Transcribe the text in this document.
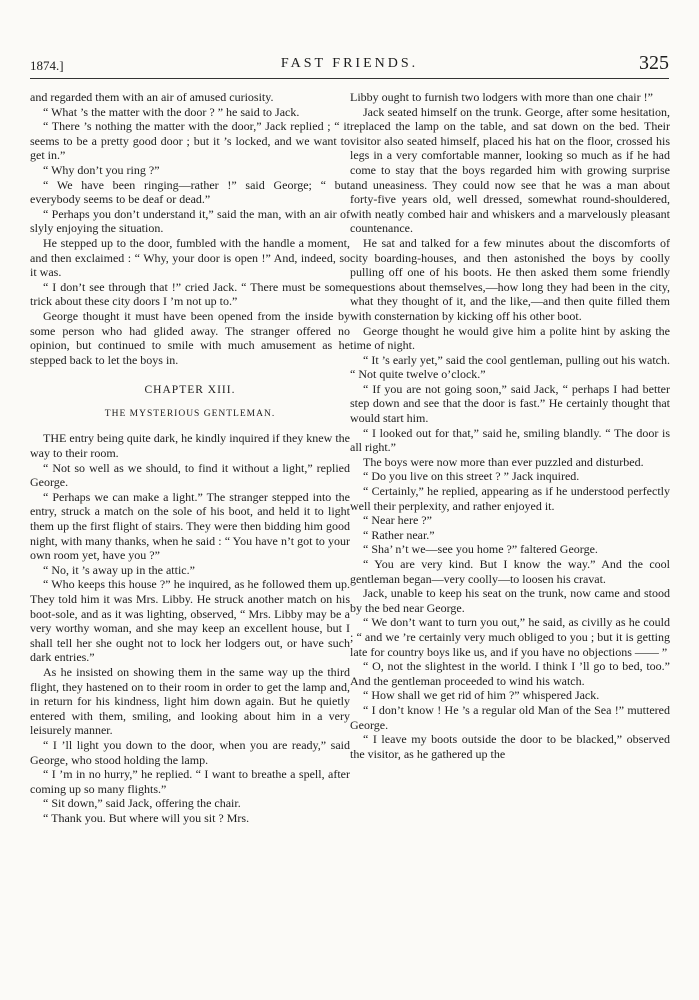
1874.]	FAST FRIENDS.	325

and regarded them with an air of amused curiosity.

“ What ’s the matter with the door ? ” he said to Jack.

“ There ’s nothing the matter with the door,” Jack replied ; “ it seems to be a pretty good door ; but it ’s locked, and we want to get in.”

“ Why don’t you ring ?”

“ We have been ringing—rather !” said George; “ but everybody seems to be deaf or dead.”

“ Perhaps you don’t understand it,” said the man, with an air of slyly enjoying the situation.

He stepped up to the door, fumbled with the handle a moment, and then exclaimed : “ Why, your door is open !” And, indeed, so it was.

“ I don’t see through that !” cried Jack. “ There must be some trick about these city doors I ’m not up to.”

George thought it must have been opened from the inside by some person who had glided away. The stranger offered no opinion, but continued to smile with much amusement as he stepped back to let the boys in.

CHAPTER XIII.

THE MYSTERIOUS GENTLEMAN.

THE entry being quite dark, he kindly inquired if they knew the way to their room.

“ Not so well as we should, to find it without a light,” replied George.

“ Perhaps we can make a light.” The stranger stepped into the entry, struck a match on the sole of his boot, and held it to light them up the first flight of stairs. They were then bidding him good night, with many thanks, when he said : “ You have n’t got to your own room yet, have you ?”

“ No, it ’s away up in the attic.”

“ Who keeps this house ?” he inquired, as he followed them up. They told him it was Mrs. Libby. He struck another match on his boot-sole, and as it was lighting, observed, “ Mrs. Libby may be a very worthy woman, and she may keep an excellent house, but I shall tell her she ought not to lock her lodgers out, or have such dark entries.”

As he insisted on showing them in the same way up the third flight, they hastened on to their room in order to get the lamp and, in return for his kindness, light him down again. But he quietly entered with them, smiling, and looking about him in a very leisurely manner.

“ I ’ll light you down to the door, when you are ready,” said George, who stood holding the lamp.

“ I ’m in no hurry,” he replied. “ I want to breathe a spell, after coming up so many flights.”

“ Sit down,” said Jack, offering the chair.

“ Thank you. But where will you sit ? Mrs.

Libby ought to furnish two lodgers with more than one chair !”

Jack seated himself on the trunk. George, after some hesitation, replaced the lamp on the table, and sat down on the bed. Their visitor also seated himself, placed his hat on the floor, crossed his legs in a very comfortable manner, looking so much as if he had come to stay that the boys regarded him with growing surprise and uneasiness. They could now see that he was a man about forty-five years old, well dressed, somewhat round-shouldered, with neatly combed hair and whiskers and a marvelously pleasant countenance.

He sat and talked for a few minutes about the discomforts of city boarding-houses, and then astonished the boys by coolly pulling off one of his boots. He then asked them some friendly questions about themselves,—how long they had been in the city, what they thought of it, and the like,—and then quite filled them with consternation by kicking off his other boot.

George thought he would give him a polite hint by asking the time of night.

“ It ’s early yet,” said the cool gentleman, pulling out his watch. “ Not quite twelve o’clock.”

“ If you are not going soon,” said Jack, “ perhaps I had better step down and see that the door is fast.” He certainly thought that would start him.

“ I looked out for that,” said he, smiling blandly. “ The door is all right.”

The boys were now more than ever puzzled and disturbed.

“ Do you live on this street ? ” Jack inquired.

“ Certainly,” he replied, appearing as if he understood perfectly well their perplexity, and rather enjoyed it.

“ Near here ?”

“ Rather near.”

“ Sha’ n’t we—see you home ?” faltered George.

“ You are very kind. But I know the way.” And the cool gentleman began—very coolly—to loosen his cravat.

Jack, unable to keep his seat on the trunk, now came and stood by the bed near George.

“ We don’t want to turn you out,” he said, as civilly as he could ; “ and we ’re certainly very much obliged to you ; but it is getting late for country boys like us, and if you have no objections —— ”

“ O, not the slightest in the world. I think I ’ll go to bed, too.” And the gentleman proceeded to wind his watch.

“ How shall we get rid of him ?” whispered Jack.

“ I don’t know ! He ’s a regular old Man of the Sea !” muttered George.

“ I leave my boots outside the door to be blacked,” observed the visitor, as he gathered up the
